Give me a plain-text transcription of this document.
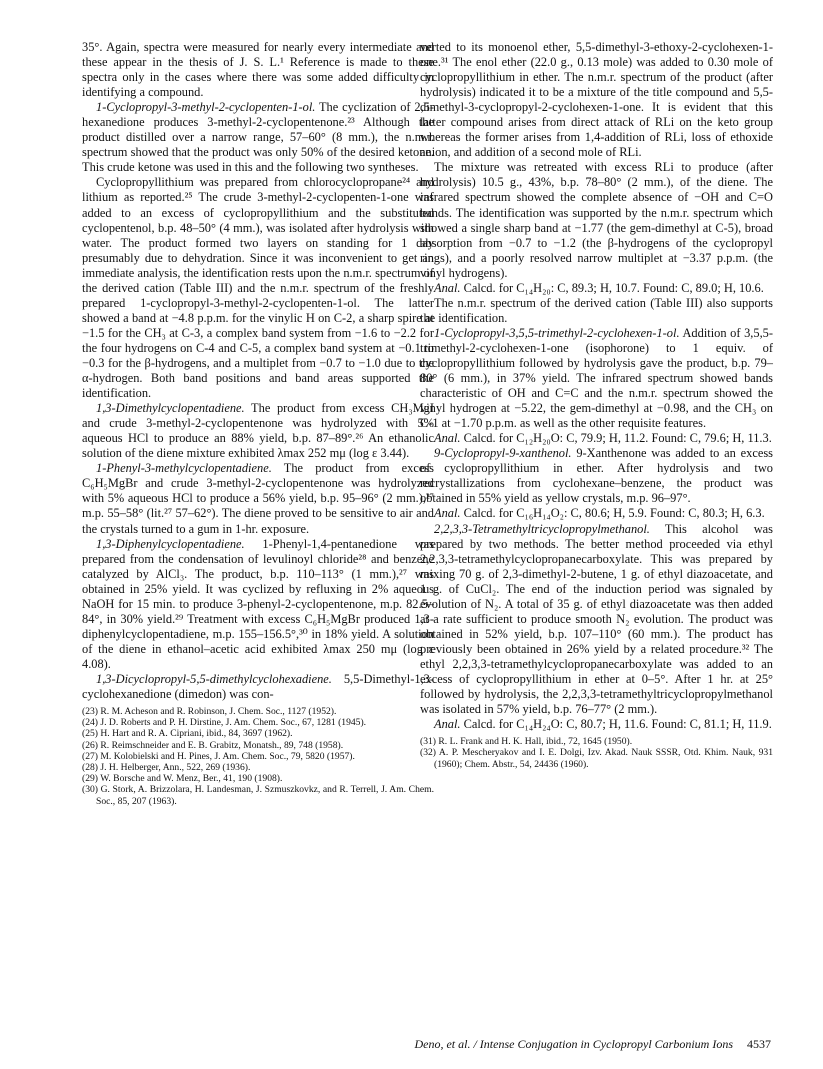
35°. Again, spectra were measured for nearly every intermediate and these appear in the thesis of J. S. L.¹ Reference is made to these spectra only in the cases where there was some added difficulty in identifying a compound.

1-Cyclopropyl-3-methyl-2-cyclopenten-1-ol. The cyclization of 2,5-hexanedione produces 3-methyl-2-cyclopentenone.²³ Although the product distilled over a narrow range, 57–60° (8 mm.), the n.m.r. spectrum showed that the product was only 50% of the desired ketone. This crude ketone was used in this and the following two syntheses.

Cyclopropyllithium was prepared from chlorocyclopropane²⁴ and lithium as reported.²⁵ The crude 3-methyl-2-cyclopenten-1-one was added to an excess of cyclopropyllithium and the substituted cyclopentenol, b.p. 48–50° (4 mm.), was isolated after hydrolysis with water. The product formed two layers on standing for 1 day presumably due to dehydration. Since it was inconvenient to get an immediate analysis, the identification rests upon the n.m.r. spectrum of the derived cation (Table III) and the n.m.r. spectrum of the freshly prepared 1-cyclopropyl-3-methyl-2-cyclopenten-1-ol. The latter showed a band at −4.8 p.p.m. for the vinylic H on C-2, a sharp spire at −1.5 for the CH₃ at C-3, a complex band system from −1.6 to −2.2 for the four hydrogens on C-4 and C-5, a complex band system at −0.1 to −0.3 for the β-hydrogens, and a multiplet from −0.7 to −1.0 due to the α-hydrogen. Both band positions and band areas supported the identification.

1,3-Dimethylcyclopentadiene. The product from excess CH₃MgI and crude 3-methyl-2-cyclopentenone was hydrolyzed with 5% aqueous HCl to produce an 88% yield, b.p. 87–89°.²⁶ An ethanolic solution of the diene mixture exhibited λmax 252 mμ (log ε 3.44).

1-Phenyl-3-methylcyclopentadiene. The product from excess C₆H₅MgBr and crude 3-methyl-2-cyclopentenone was hydrolyzed with 5% aqueous HCl to produce a 56% yield, b.p. 95–96° (2 mm.),²⁷ m.p. 55–58° (lit.²⁷ 57–62°). The diene proved to be sensitive to air and the crystals turned to a gum in 1-hr. exposure.

1,3-Diphenylcyclopentadiene. 1-Phenyl-1,4-pentanedione was prepared from the condensation of levulinoyl chloride²⁸ and benzene catalyzed by AlCl₃. The product, b.p. 110–113° (1 mm.),²⁷ was obtained in 25% yield. It was cyclized by refluxing in 2% aqueous NaOH for 15 min. to produce 3-phenyl-2-cyclopentenone, m.p. 82.5–84°, in 30% yield.²⁹ Treatment with excess C₆H₅MgBr produced 1,3-diphenylcyclopentadiene, m.p. 155–156.5°,³⁰ in 18% yield. A solution of the diene in ethanol–acetic acid exhibited λmax 250 mμ (log ε 4.08).

1,3-Dicyclopropyl-5,5-dimethylcyclohexadiene. 5,5-Dimethyl-1,3-cyclohexanedione (dimedon) was con-

(23) R. M. Acheson and R. Robinson, J. Chem. Soc., 1127 (1952).
(24) J. D. Roberts and P. H. Dirstine, J. Am. Chem. Soc., 67, 1281 (1945).
(25) H. Hart and R. A. Cipriani, ibid., 84, 3697 (1962).
(26) R. Reimschneider and E. B. Grabitz, Monatsh., 89, 748 (1958).
(27) M. Kolobielski and H. Pines, J. Am. Chem. Soc., 79, 5820 (1957).
(28) J. H. Helberger, Ann., 522, 269 (1936).
(29) W. Borsche and W. Menz, Ber., 41, 190 (1908).
(30) G. Stork, A. Brizzolara, H. Landesman, J. Szmuszkovkz, and R. Terrell, J. Am. Chem. Soc., 85, 207 (1963).

verted to its monoenol ether, 5,5-dimethyl-3-ethoxy-2-cyclohexen-1-one.³¹ The enol ether (22.0 g., 0.13 mole) was added to 0.30 mole of cyclopropyllithium in ether. The n.m.r. spectrum of the product (after hydrolysis) indicated it to be a mixture of the title compound and 5,5-dimethyl-3-cyclopropyl-2-cyclohexen-1-one. It is evident that this latter compound arises from direct attack of RLi on the keto group whereas the former arises from 1,4-addition of RLi, loss of ethoxide anion, and addition of a second mole of RLi.

The mixture was retreated with excess RLi to produce (after hydrolysis) 10.5 g., 43%, b.p. 78–80° (2 mm.), of the diene. The infrared spectrum showed the complete absence of −OH and C=O bands. The identification was supported by the n.m.r. spectrum which showed a single sharp band at −1.77 (the gem-dimethyl at C-5), broad absorption from −0.7 to −1.2 (the β-hydrogens of the cyclopropyl rings), and a poorly resolved narrow multiplet at −3.37 p.p.m. (the vinyl hydrogens).

Anal. Calcd. for C₁₄H₂₀: C, 89.3; H, 10.7. Found: C, 89.0; H, 10.6.

The n.m.r. spectrum of the derived cation (Table III) also supports the identification.

1-Cyclopropyl-3,5,5-trimethyl-2-cyclohexen-1-ol. Addition of 3,5,5-trimethyl-2-cyclohexen-1-one (isophorone) to 1 equiv. of cyclopropyllithium followed by hydrolysis gave the product, b.p. 79–80° (6 mm.), in 37% yield. The infrared spectrum showed bands characteristic of OH and C=C and the n.m.r. spectrum showed the vinyl hydrogen at −5.22, the gem-dimethyl at −0.98, and the CH₃ on C-1 at −1.70 p.p.m. as well as the other requisite features.

Anal. Calcd. for C₁₂H₂₀O: C, 79.9; H, 11.2. Found: C, 79.6; H, 11.3.

9-Cyclopropyl-9-xanthenol. 9-Xanthenone was added to an excess of cyclopropyllithium in ether. After hydrolysis and two recrystallizations from cyclohexane–benzene, the product was obtained in 55% yield as yellow crystals, m.p. 96–97°.

Anal. Calcd. for C₁₆H₁₄O₂: C, 80.6; H, 5.9. Found: C, 80.3; H, 6.3.

2,2,3,3-Tetramethyltricyclopropylmethanol. This alcohol was prepared by two methods. The better method proceeded via ethyl 2,2,3,3-tetramethylcyclopropanecarboxylate. This was prepared by mixing 70 g. of 2,3-dimethyl-2-butene, 1 g. of ethyl diazoacetate, and 1 g. of CuCl₂. The end of the induction period was signaled by evolution of N₂. A total of 35 g. of ethyl diazoacetate was then added at a rate sufficient to produce smooth N₂ evolution. The product was obtained in 52% yield, b.p. 107–110° (60 mm.). The product has previously been obtained in 26% yield by a related procedure.³² The ethyl 2,2,3,3-tetramethylcyclopropanecarboxylate was added to an excess of cyclopropyllithium in ether at 0–5°. After 1 hr. at 25° followed by hydrolysis, the 2,2,3,3-tetramethyltricyclopropylmethanol was isolated in 57% yield, b.p. 76–77° (2 mm.).

Anal. Calcd. for C₁₄H₂₄O: C, 80.7; H, 11.6. Found: C, 81.1; H, 11.9.

(31) R. L. Frank and H. K. Hall, ibid., 72, 1645 (1950).
(32) A. P. Mescheryakov and I. E. Dolgi, Izv. Akad. Nauk SSSR, Otd. Khim. Nauk, 931 (1960); Chem. Abstr., 54, 24436 (1960).
Deno, et al. / Intense Conjugation in Cyclopropyl Carbonium Ions 4537
